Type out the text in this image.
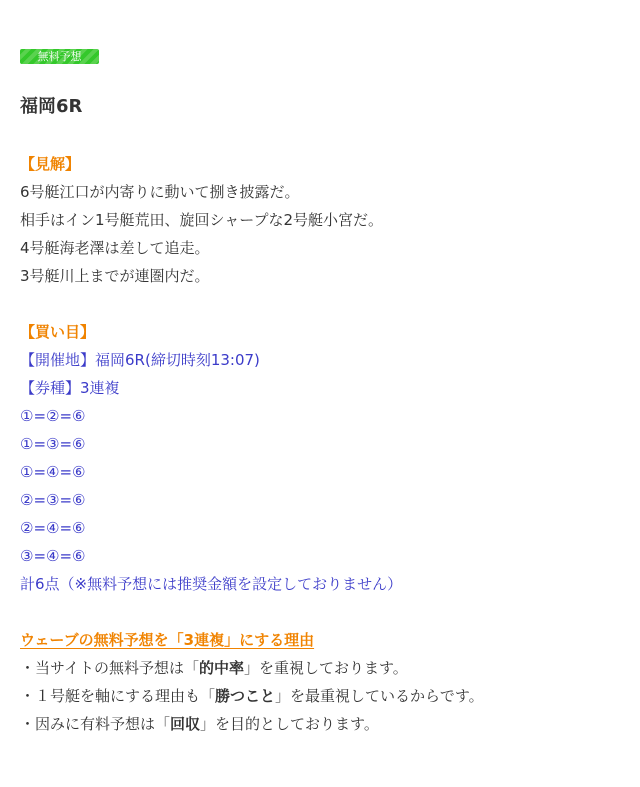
無料予想
福岡6R
【見解】
6号艇江口が内寄りに動いて捌き披露だ。
相手はイン1号艇荒田、旋回シャープな2号艇小宮だ。
4号艇海老澤は差して追走。
3号艇川上までが連圏内だ。
【買い目】
【開催地】福岡6R(締切時刻13:07)
【券種】3連複
①=②=⑥
①=③=⑥
①=④=⑥
②=③=⑥
②=④=⑥
③=④=⑥
計6点（※無料予想には推奨金額を設定しておりません）
ウェーブの無料予想を「3連複」にする理由
・当サイトの無料予想は「的中率」を重視しております。
・１号艇を軸にする理由も「勝つこと」を最重視しているからです。
・因みに有料予想は「回収」を目的としております。
